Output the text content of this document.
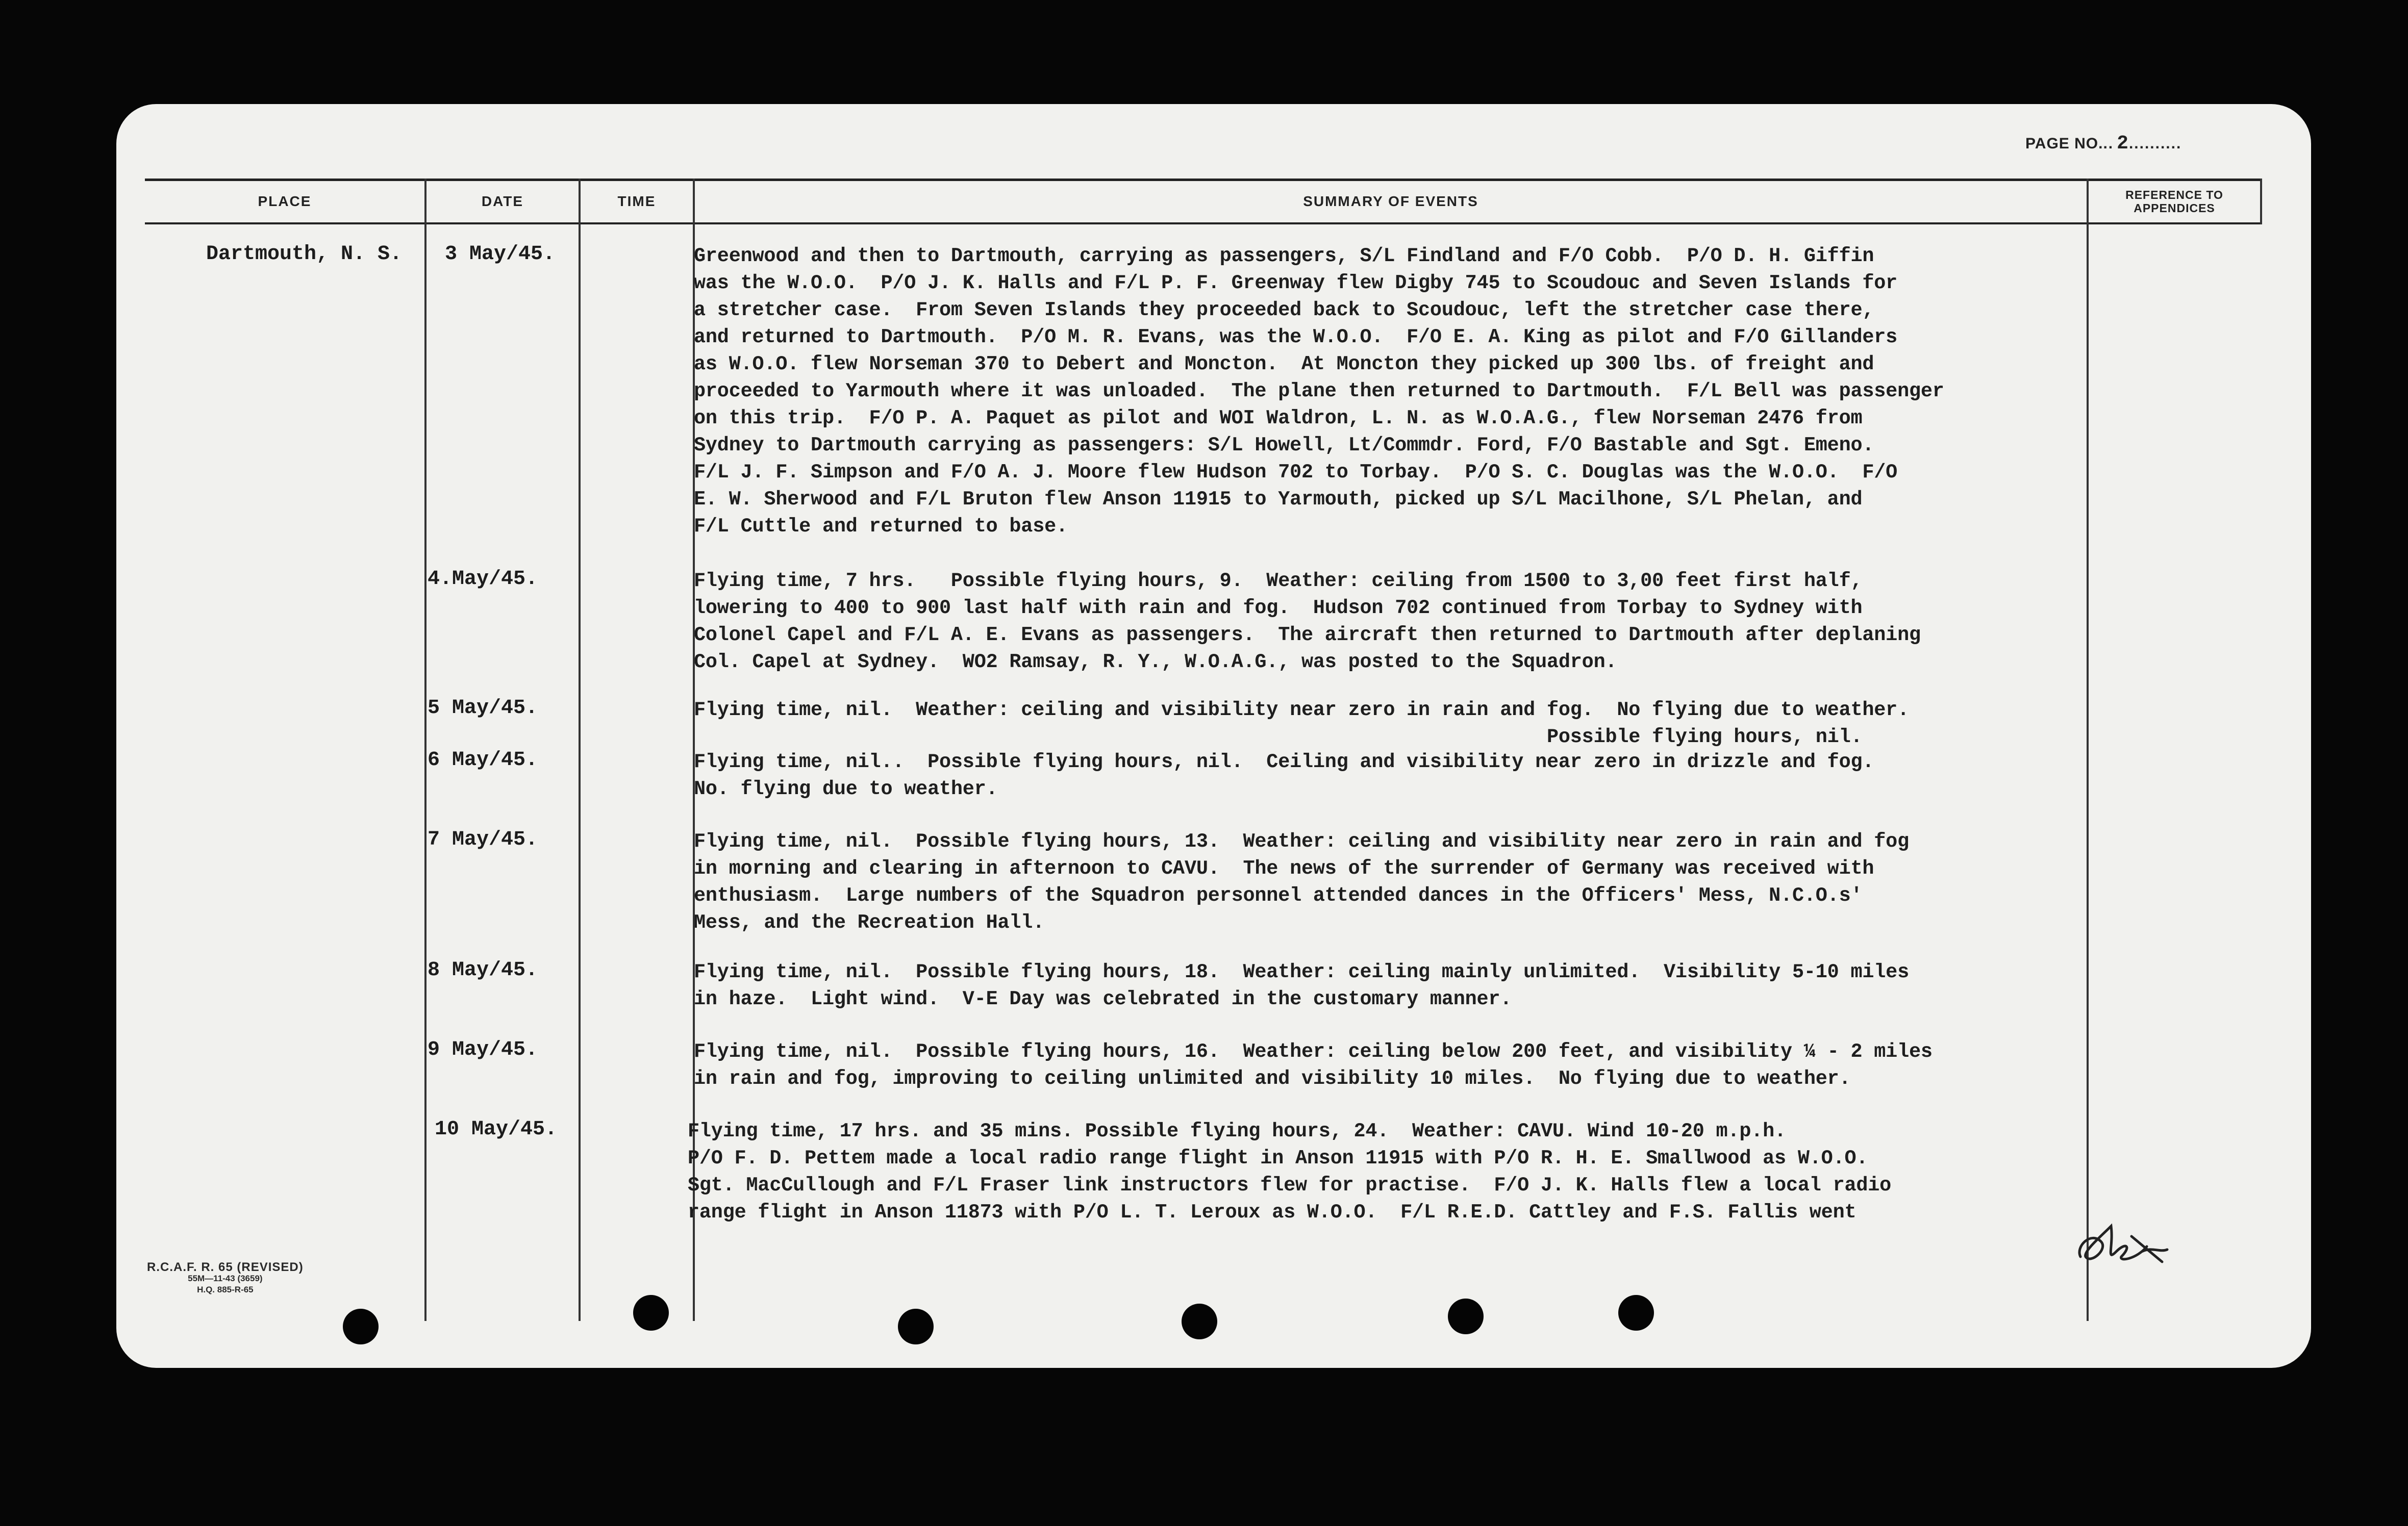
PAGE NO... 2..........
PLACE	DATE	TIME	SUMMARY OF EVENTS	REFERENCE TO APPENDICES
Dartmouth, N. S. 3 May/45.	Greenwood and then to Dartmouth, carrying as passengers, S/L Findland and F/O Cobb.  P/O D. H. Giffin
was the W.O.O.  P/O J. K. Halls and F/L P. F. Greenway flew Digby 745 to Scoudouc and Seven Islands for
a stretcher case.  From Seven Islands they proceeded back to Scoudouc, left the stretcher case there,
and returned to Dartmouth.  P/O M. R. Evans, was the W.O.O.  F/O E. A. King as pilot and F/O Gillanders
as W.O.O. flew Norseman 370 to Debert and Moncton.  At Moncton they picked up 300 lbs. of freight and
proceeded to Yarmouth where it was unloaded.  The plane then returned to Dartmouth.  F/L Bell was passenger
on this trip.  F/O P. A. Paquet as pilot and WOI Waldron, L. N. as W.O.A.G., flew Norseman 2476 from
Sydney to Dartmouth carrying as passengers: S/L Howell, Lt/Commdr. Ford, F/O Bastable and Sgt. Emeno.
F/L J. F. Simpson and F/O A. J. Moore flew Hudson 702 to Torbay.  P/O S. C. Douglas was the W.O.O.  F/O
E. W. Sherwood and F/L Bruton flew Anson 11915 to Yarmouth, picked up S/L Macilhone, S/L Phelan, and
F/L Cuttle and returned to base.
4.May/45.	Flying time, 7 hrs.   Possible flying hours, 9.  Weather: ceiling from 1500 to 3,00 feet first half,
lowering to 400 to 900 last half with rain and fog.  Hudson 702 continued from Torbay to Sydney with
Colonel Capel and F/L A. E. Evans as passengers.  The aircraft then returned to Dartmouth after deplaning
Col. Capel at Sydney.  WO2 Ramsay, R. Y., W.O.A.G., was posted to the Squadron.
5 May/45.	Flying time, nil.  Weather: ceiling and visibility near zero in rain and fog.  No flying due to weather.
Possible flying hours, nil.
6 May/45.	Flying time, nil..  Possible flying hours, nil.  Ceiling and visibility near zero in drizzle and fog.
No. flying due to weather.
7 May/45.	Flying time, nil.  Possible flying hours, 13.  Weather: ceiling and visibility near zero in rain and fog
in morning and clearing in afternoon to CAVU.  The news of the surrender of Germany was received with
enthusiasm.  Large numbers of the Squadron personnel attended dances in the Officers' Mess, N.C.O.s'
Mess, and the Recreation Hall.
8 May/45.	Flying time, nil.  Possible flying hours, 18.  Weather: ceiling mainly unlimited.  Visibility 5-10 miles
in haze.  Light wind.  V-E Day was celebrated in the customary manner.
9 May/45.	Flying time, nil.  Possible flying hours, 16.  Weather: ceiling below 200 feet, and visibility ¼ - 2 miles
in rain and fog, improving to ceiling unlimited and visibility 10 miles.  No flying due to weather.
10 May/45.	Flying time, 17 hrs. and 35 mins. Possible flying hours, 24.  Weather: CAVU. Wind 10-20 m.p.h.
P/O F. D. Pettem made a local radio range flight in Anson 11915 with P/O R. H. E. Smallwood as W.O.O.
Sgt. MacCullough and F/L Fraser link instructors flew for practise.  F/O J. K. Halls flew a local radio
range flight in Anson 11873 with P/O L. T. Leroux as W.O.O.  F/L R.E.D. Cattley and F.S. Fallis went
R.C.A.F. R. 65 (REVISED)
55M—11-43 (3659)
H.Q. 885-R-65
